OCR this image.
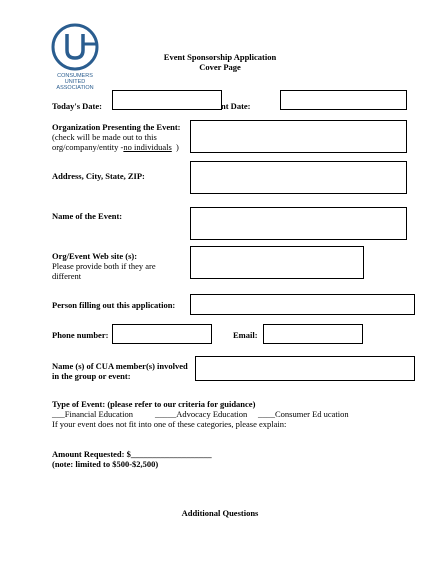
CONSUMERS
UNITED
ASSOCIATION
Event Sponsorship Application
Cover Page
Today's Date:	nt Date:
Organization Presenting the Event:
(check will be made out to this
org/company/entity -no individuals )
Address, City, State, ZIP:
Name of the Event:
Org/Event Web site (s):
Please provide both if they are
different
Person filling out this application:
Phone number:	Email:
Name (s) of CUA member(s) involved
in the group or event:
Type of Event: (please refer to our criteria for guidance)
___Financial Education	_____Advocacy Education ____Consumer Ed ucation
If your event does not fit into one of these categories, please explain:
Amount Requested: $___________________
(note: limited to $500-$2,500)
Additional Questions
